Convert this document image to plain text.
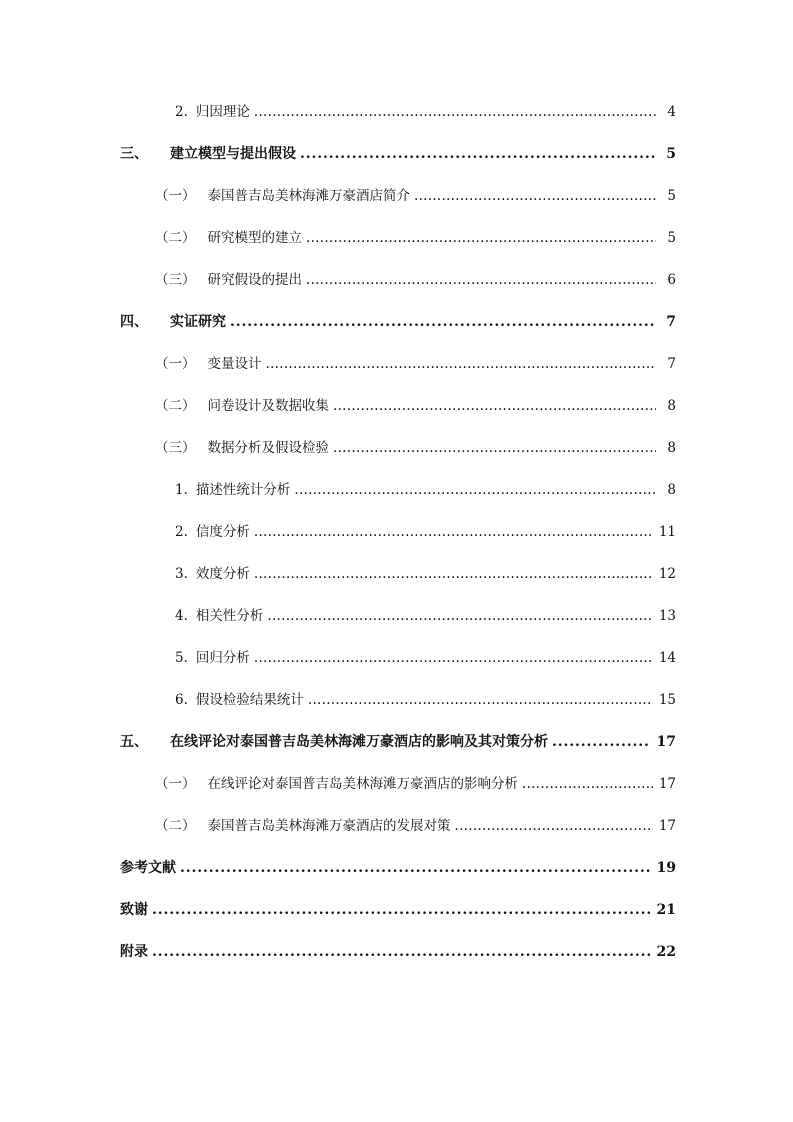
2. 归因理论 . . .	4
三、 建立模型与提出假设 . . .	5
（一） 泰国普吉岛美林海滩万豪酒店简介 . . .	5
（二） 研究模型的建立 . . .	5
（三） 研究假设的提出 . . .	6
四、 实证研究 . . .	7
（一） 变量设计 . . .	7
（二） 问卷设计及数据收集 . . .	8
（三） 数据分析及假设检验 . . .	8
1. 描述性统计分析 . . .	8
2. 信度分析 . . .	11
3. 效度分析 . . .	12
4. 相关性分析 . . .	13
5. 回归分析 . . .	14
6. 假设检验结果统计 . . .	15
五、 在线评论对泰国普吉岛美林海滩万豪酒店的影响及其对策分析 . . .	17
（一） 在线评论对泰国普吉岛美林海滩万豪酒店的影响分析 . . .	17
（二） 泰国普吉岛美林海滩万豪酒店的发展对策 . . .	17
参考文献 . . .	19
致谢 . . .	21
附录 . . .	22
